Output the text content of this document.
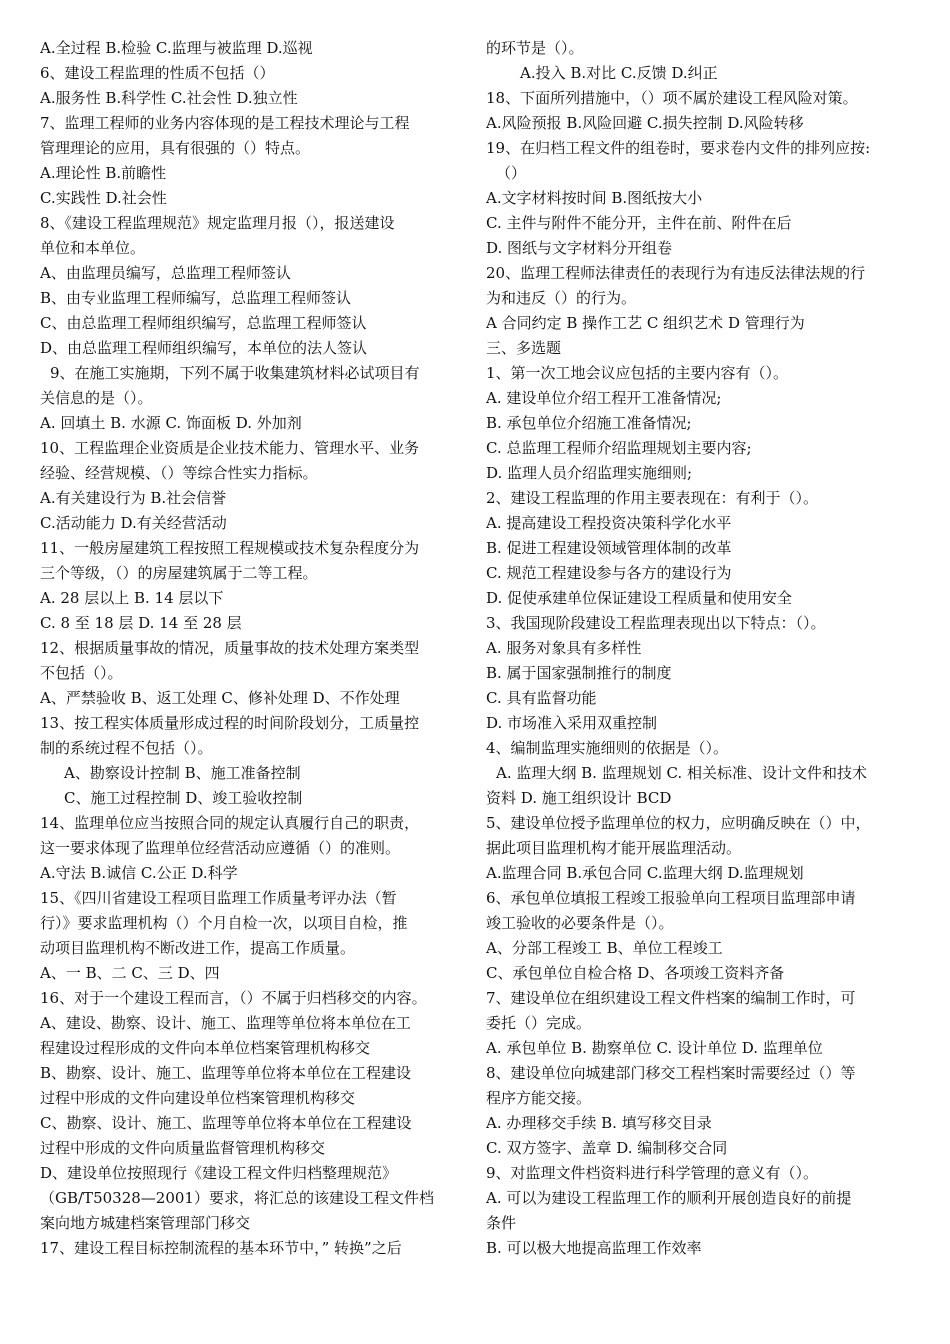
A.全过程 B.检验 C.监理与被监理 D.巡视
6、建设工程监理的性质不包括（）
A.服务性 B.科学性 C.社会性 D.独立性
7、监理工程师的业务内容体现的是工程技术理论与工程
管理理论的应用，具有很强的（）特点。
A.理论性 B.前瞻性
C.实践性 D.社会性
8、《建设工程监理规范》规定监理月报（），报送建设
单位和本单位。
A、由监理员编写，总监理工程师签认
B、由专业监理工程师编写，总监理工程师签认
C、由总监理工程师组织编写，总监理工程师签认
D、由总监理工程师组织编写，本单位的法人签认
9、在施工实施期，下列不属于收集建筑材料必试项目有
关信息的是（）。
A. 回填土 B. 水源 C. 饰面板 D. 外加剂
10、工程监理企业资质是企业技术能力、管理水平、业务
经验、经营规模、（）等综合性实力指标。
A.有关建设行为 B.社会信誉
C.活动能力 D.有关经营活动
11、一般房屋建筑工程按照工程规模或技术复杂程度分为
三个等级，（）的房屋建筑属于二等工程。
A. 28 层以上 B. 14 层以下
C. 8 至 18 层 D. 14 至 28 层
12、根据质量事故的情况，质量事故的技术处理方案类型
不包括（）。
A、严禁验收 B、返工处理 C、修补处理 D、不作处理
13、按工程实体质量形成过程的时间阶段划分，工质量控
制的系统过程不包括（）。
A、勘察设计控制 B、施工准备控制
C、施工过程控制 D、竣工验收控制
14、监理单位应当按照合同的规定认真履行自己的职责，
这一要求体现了监理单位经营活动应遵循（）的准则。
A.守法 B.诚信 C.公正 D.科学
15、《四川省建设工程项目监理工作质量考评办法（暂
行）》要求监理机构（）个月自检一次，以项目自检，推
动项目监理机构不断改进工作，提高工作质量。
A、一 B、二 C、三 D、四
16、对于一个建设工程而言，（）不属于归档移交的内容。
A、建设、勘察、设计、施工、监理等单位将本单位在工
程建设过程形成的文件向本单位档案管理机构移交
B、勘察、设计、施工、监理等单位将本单位在工程建设
过程中形成的文件向建设单位档案管理机构移交
C、勘察、设计、施工、监理等单位将本单位在工程建设
过程中形成的文件向质量监督管理机构移交
D、建设单位按照现行《建设工程文件归档整理规范》
（GB/T50328—2001）要求，将汇总的该建设工程文件档
案向地方城建档案管理部门移交
17、建设工程目标控制流程的基本环节中，” 转换”之后
的环节是（）。
A.投入 B.对比 C.反馈 D.纠正
18、下面所列措施中，（）项不属於建设工程风险对策。
A.风险预报 B.风险回避 C.损失控制 D.风险转移
19、在归档工程文件的组卷时，要求卷内文件的排列应按:
（）
A.文字材料按时间 B.图纸按大小
C. 主件与附件不能分开，主件在前、附件在后
D. 图纸与文字材料分开组卷
20、监理工程师法律责任的表现行为有违反法律法规的行
为和违反（）的行为。
A 合同约定 B 操作工艺 C 组织艺术 D 管理行为
三、多选题
1、第一次工地会议应包括的主要内容有（）。
A. 建设单位介绍工程开工准备情况;
B. 承包单位介绍施工准备情况;
C. 总监理工程师介绍监理规划主要内容;
D. 监理人员介绍监理实施细则;
2、建设工程监理的作用主要表现在：有利于（）。
A. 提高建设工程投资决策科学化水平
B. 促进工程建设领域管理体制的改革
C. 规范工程建设参与各方的建设行为
D. 促使承建单位保证建设工程质量和使用安全
3、我国现阶段建设工程监理表现出以下特点：（）。
A. 服务对象具有多样性
B. 属于国家强制推行的制度
C. 具有监督功能
D. 市场准入采用双重控制
4、编制监理实施细则的依据是（）。
A. 监理大纲 B. 监理规划 C. 相关标准、设计文件和技术
资料 D. 施工组织设计 BCD
5、建设单位授予监理单位的权力，应明确反映在（）中，
据此项目监理机构才能开展监理活动。
A.监理合同 B.承包合同 C.监理大纲 D.监理规划
6、承包单位填报工程竣工报验单向工程项目监理部申请
竣工验收的必要条件是（）。
A、分部工程竣工 B、单位工程竣工
C、承包单位自检合格 D、各项竣工资料齐备
7、建设单位在组织建设工程文件档案的编制工作时，可
委托（）完成。
A. 承包单位 B. 勘察单位 C. 设计单位 D. 监理单位
8、建设单位向城建部门移交工程档案时需要经过（）等
程序方能交接。
A. 办理移交手续 B. 填写移交目录
C. 双方签字、盖章 D. 编制移交合同
9、对监理文件档资料进行科学管理的意义有（）。
A. 可以为建设工程监理工作的顺利开展创造良好的前提
条件
B. 可以极大地提高监理工作效率
